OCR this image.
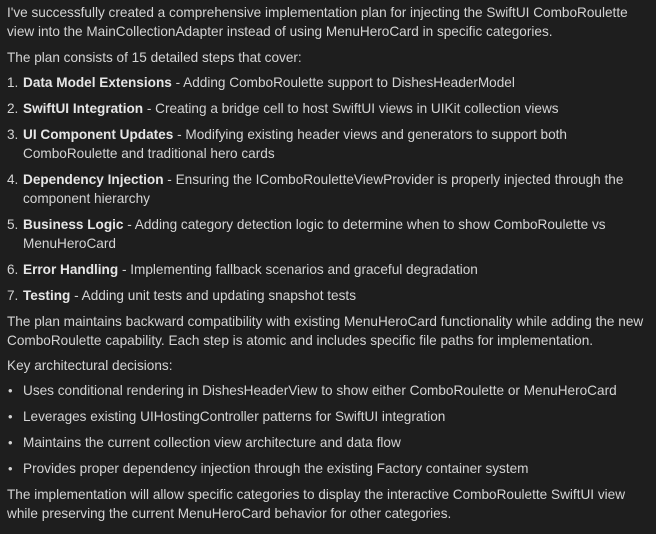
I've successfully created a comprehensive implementation plan for injecting the SwiftUI ComboRoulette view into the MainCollectionAdapter instead of using MenuHeroCard in specific categories.

The plan consists of 15 detailed steps that cover:

1. Data Model Extensions - Adding ComboRoulette support to DishesHeaderModel
2. SwiftUI Integration - Creating a bridge cell to host SwiftUI views in UIKit collection views
3. UI Component Updates - Modifying existing header views and generators to support both ComboRoulette and traditional hero cards
4. Dependency Injection - Ensuring the IComboRouletteViewProvider is properly injected through the component hierarchy
5. Business Logic - Adding category detection logic to determine when to show ComboRoulette vs MenuHeroCard
6. Error Handling - Implementing fallback scenarios and graceful degradation
7. Testing - Adding unit tests and updating snapshot tests

The plan maintains backward compatibility with existing MenuHeroCard functionality while adding the new ComboRoulette capability. Each step is atomic and includes specific file paths for implementation.

Key architectural decisions:

• Uses conditional rendering in DishesHeaderView to show either ComboRoulette or MenuHeroCard
• Leverages existing UIHostingController patterns for SwiftUI integration
• Maintains the current collection view architecture and data flow
• Provides proper dependency injection through the existing Factory container system

The implementation will allow specific categories to display the interactive ComboRoulette SwiftUI view while preserving the current MenuHeroCard behavior for other categories.
